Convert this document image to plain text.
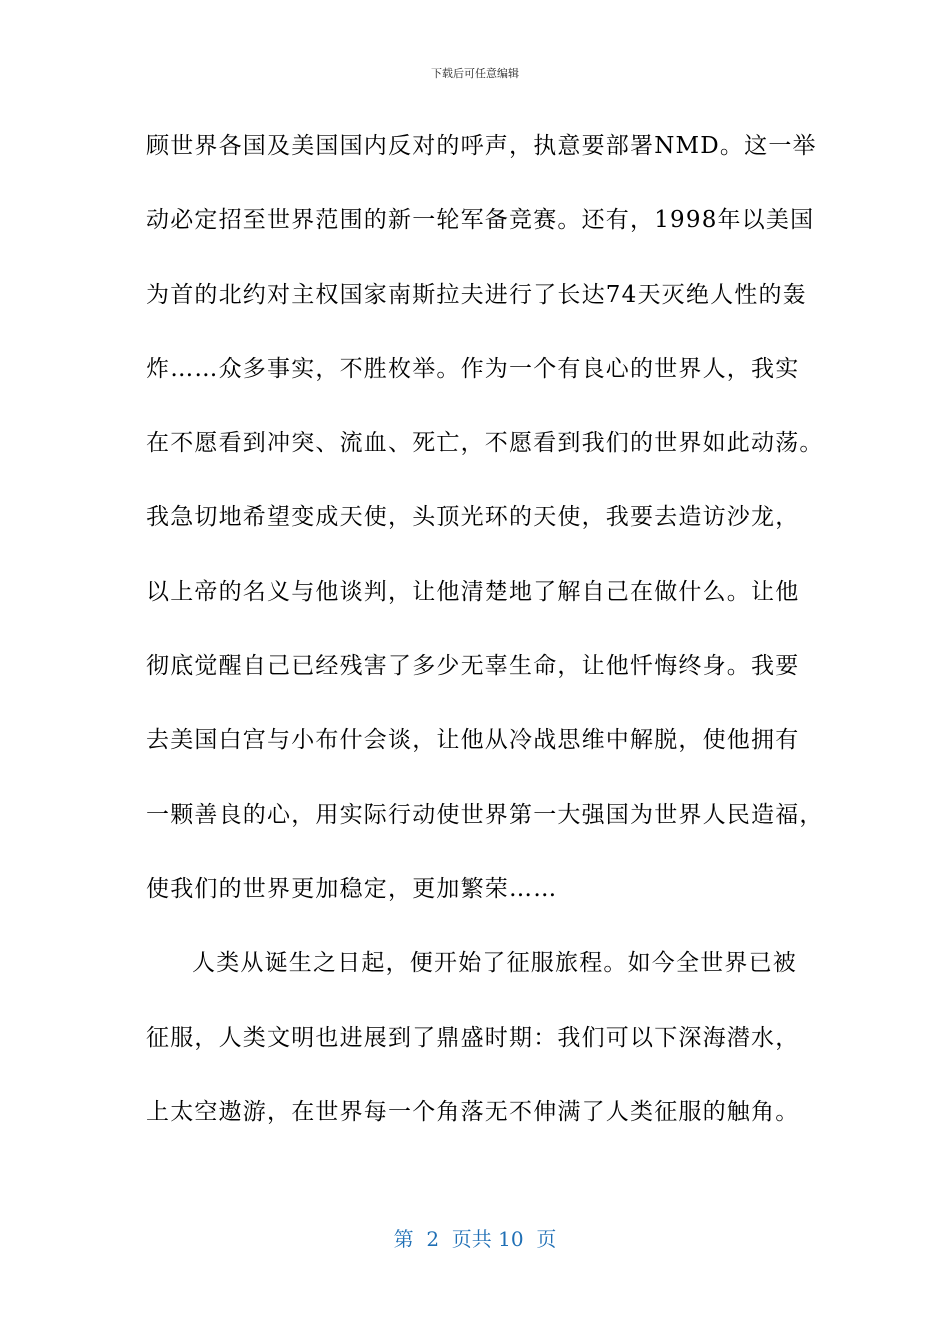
下载后可任意编辑
顾世界各国及美国国内反对的呼声，执意要部署NMD。这一举
动必定招至世界范围的新一轮军备竞赛。还有，1998年以美国
为首的北约对主权国家南斯拉夫进行了长达74天灭绝人性的轰
炸……众多事实，不胜枚举。作为一个有良心的世界人，我实
在不愿看到冲突、流血、死亡，不愿看到我们的世界如此动荡。
我急切地希望变成天使，头顶光环的天使，我要去造访沙龙，
以上帝的名义与他谈判，让他清楚地了解自己在做什么。让他
彻底觉醒自己已经残害了多少无辜生命，让他忏悔终身。我要
去美国白宫与小布什会谈，让他从冷战思维中解脱，使他拥有
一颗善良的心，用实际行动使世界第一大强国为世界人民造福，
使我们的世界更加稳定，更加繁荣……
人类从诞生之日起，便开始了征服旅程。如今全世界已被
征服，人类文明也进展到了鼎盛时期：我们可以下深海潜水，
上太空遨游，在世界每一个角落无不伸满了人类征服的触角。
第  2  页共 10  页
